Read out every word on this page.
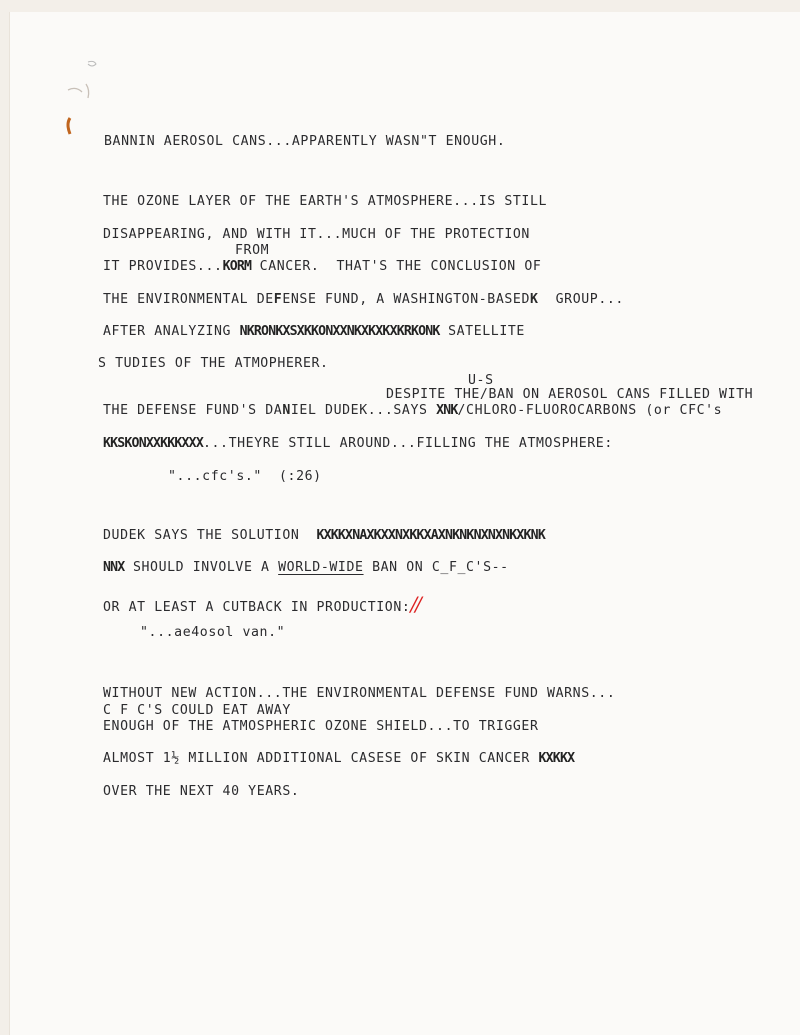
BANNIN AEROSOL CANS...APPARENTLY WASN"T ENOUGH.
THE OZONE LAYER OF THE EARTH'S ATMOSPHERE...IS STILL
DISAPPEARING, AND WITH IT...MUCH OF THE PROTECTION
FROM
IT PROVIDES...KORM CANCER.  THAT'S THE CONCLUSION OF
THE ENVIRONMENTAL DEFENSE FUND, A WASHINGTON-BASEDK  GROUP...
AFTER ANALYZING NKRONKXSXKKONXXNKXKXKXKRKONK SATELLITE
S TUDIES OF THE ATMOPHERER.
U-S
DESPITE THE/BAN ON AEROSOL CANS FILLED WITH
THE DEFENSE FUND'S DANIEL DUDEK...SAYS XNK/CHLORO-FLUOROCARBONS (or CFC's
KKSKONXXKKKXXX...THEYRE STILL AROUND...FILLING THE ATMOSPHERE:
"...cfc's."  (:26)
DUDEK SAYS THE SOLUTION  KXKKXNAXKXXNXKKXAXNKNKNXNXNKXKNK
NNX SHOULD INVOLVE A WORLD-WIDE BAN ON C_F_C'S--
OR AT LEAST A CUTBACK IN PRODUCTION://
"...ae4osol van."
WITHOUT NEW ACTION...THE ENVIRONMENTAL DEFENSE FUND WARNS...
C F C'S COULD EAT AWAY
ENOUGH OF THE ATMOSPHERIC OZONE SHIELD...TO TRIGGER
ALMOST 1½ MILLION ADDITIONAL CASESE OF SKIN CANCER KXKKX
OVER THE NEXT 40 YEARS.
